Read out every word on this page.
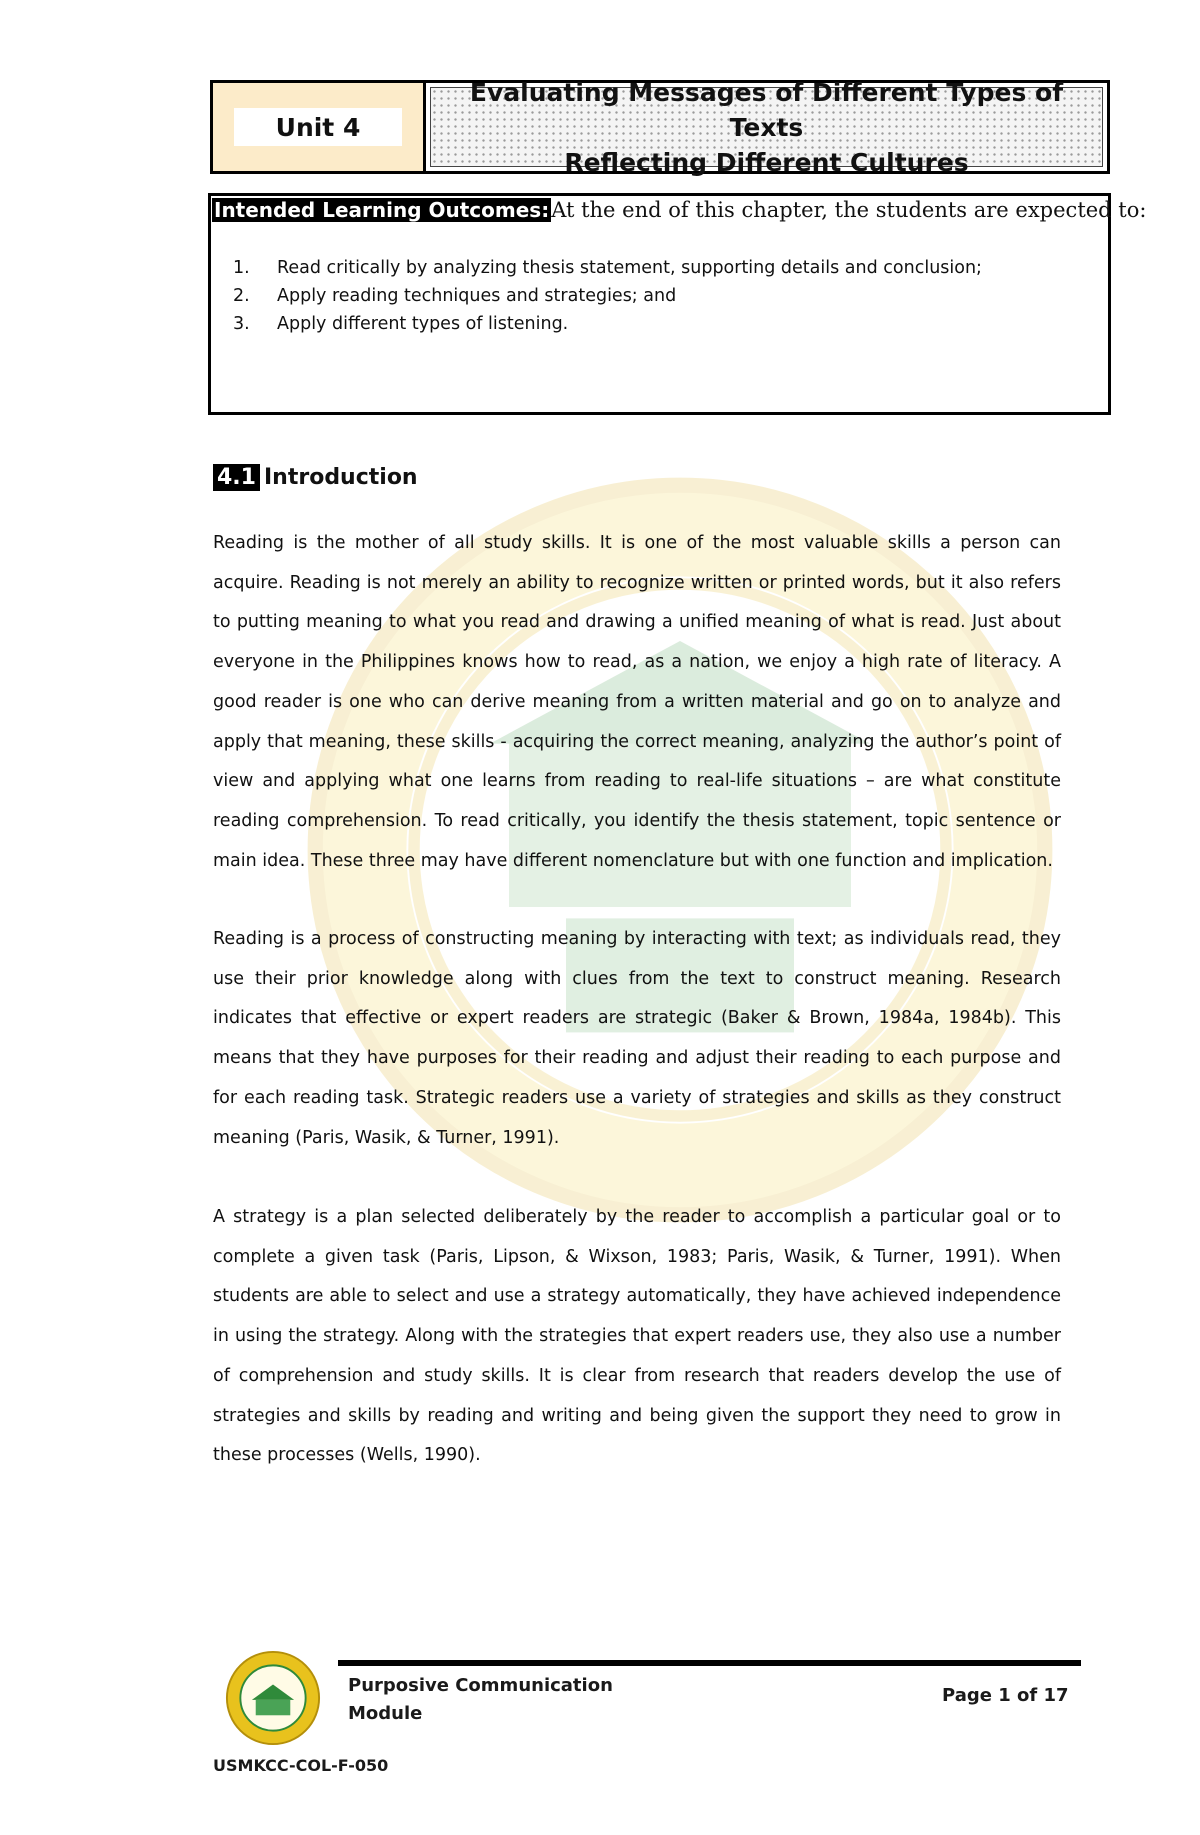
Unit 4
Evaluating Messages of Different Types of Texts
Reflecting Different Cultures
Intended Learning Outcomes:At the end of this chapter, the students are expected to:
1.	Read critically by analyzing thesis statement, supporting details and conclusion;
2.	Apply reading techniques and strategies; and
3.	Apply different types of listening.
4.1 Introduction

Reading is the mother of all study skills. It is one of the most valuable skills a person can acquire. Reading is not merely an ability to recognize written or printed words, but it also refers to putting meaning to what you read and drawing a unified meaning of what is read. Just about everyone in the Philippines knows how to read, as a nation, we enjoy a high rate of literacy. A good reader is one who can derive meaning from a written material and go on to analyze and apply that meaning, these skills - acquiring the correct meaning, analyzing the author’s point of view and applying what one learns from reading to real-life situations – are what constitute reading comprehension. To read critically, you identify the thesis statement, topic sentence or main idea. These three may have different nomenclature but with one function and implication.

Reading is a process of constructing meaning by interacting with text; as individuals read, they use their prior knowledge along with clues from the text to construct meaning. Research indicates that effective or expert readers are strategic (Baker & Brown, 1984a, 1984b). This means that they have purposes for their reading and adjust their reading to each purpose and for each reading task. Strategic readers use a variety of strategies and skills as they construct meaning (Paris, Wasik, & Turner, 1991).

A strategy is a plan selected deliberately by the reader to accomplish a particular goal or to complete a given task (Paris, Lipson, & Wixson, 1983; Paris, Wasik, & Turner, 1991). When students are able to select and use a strategy automatically, they have achieved independence in using the strategy. Along with the strategies that expert readers use, they also use a number of comprehension and study skills. It is clear from research that readers develop the use of strategies and skills by reading and writing and being given the support they need to grow in these processes (Wells, 1990).

Purposive Communication
Module
Page 1 of 17
USMKCC-COL-F-050
